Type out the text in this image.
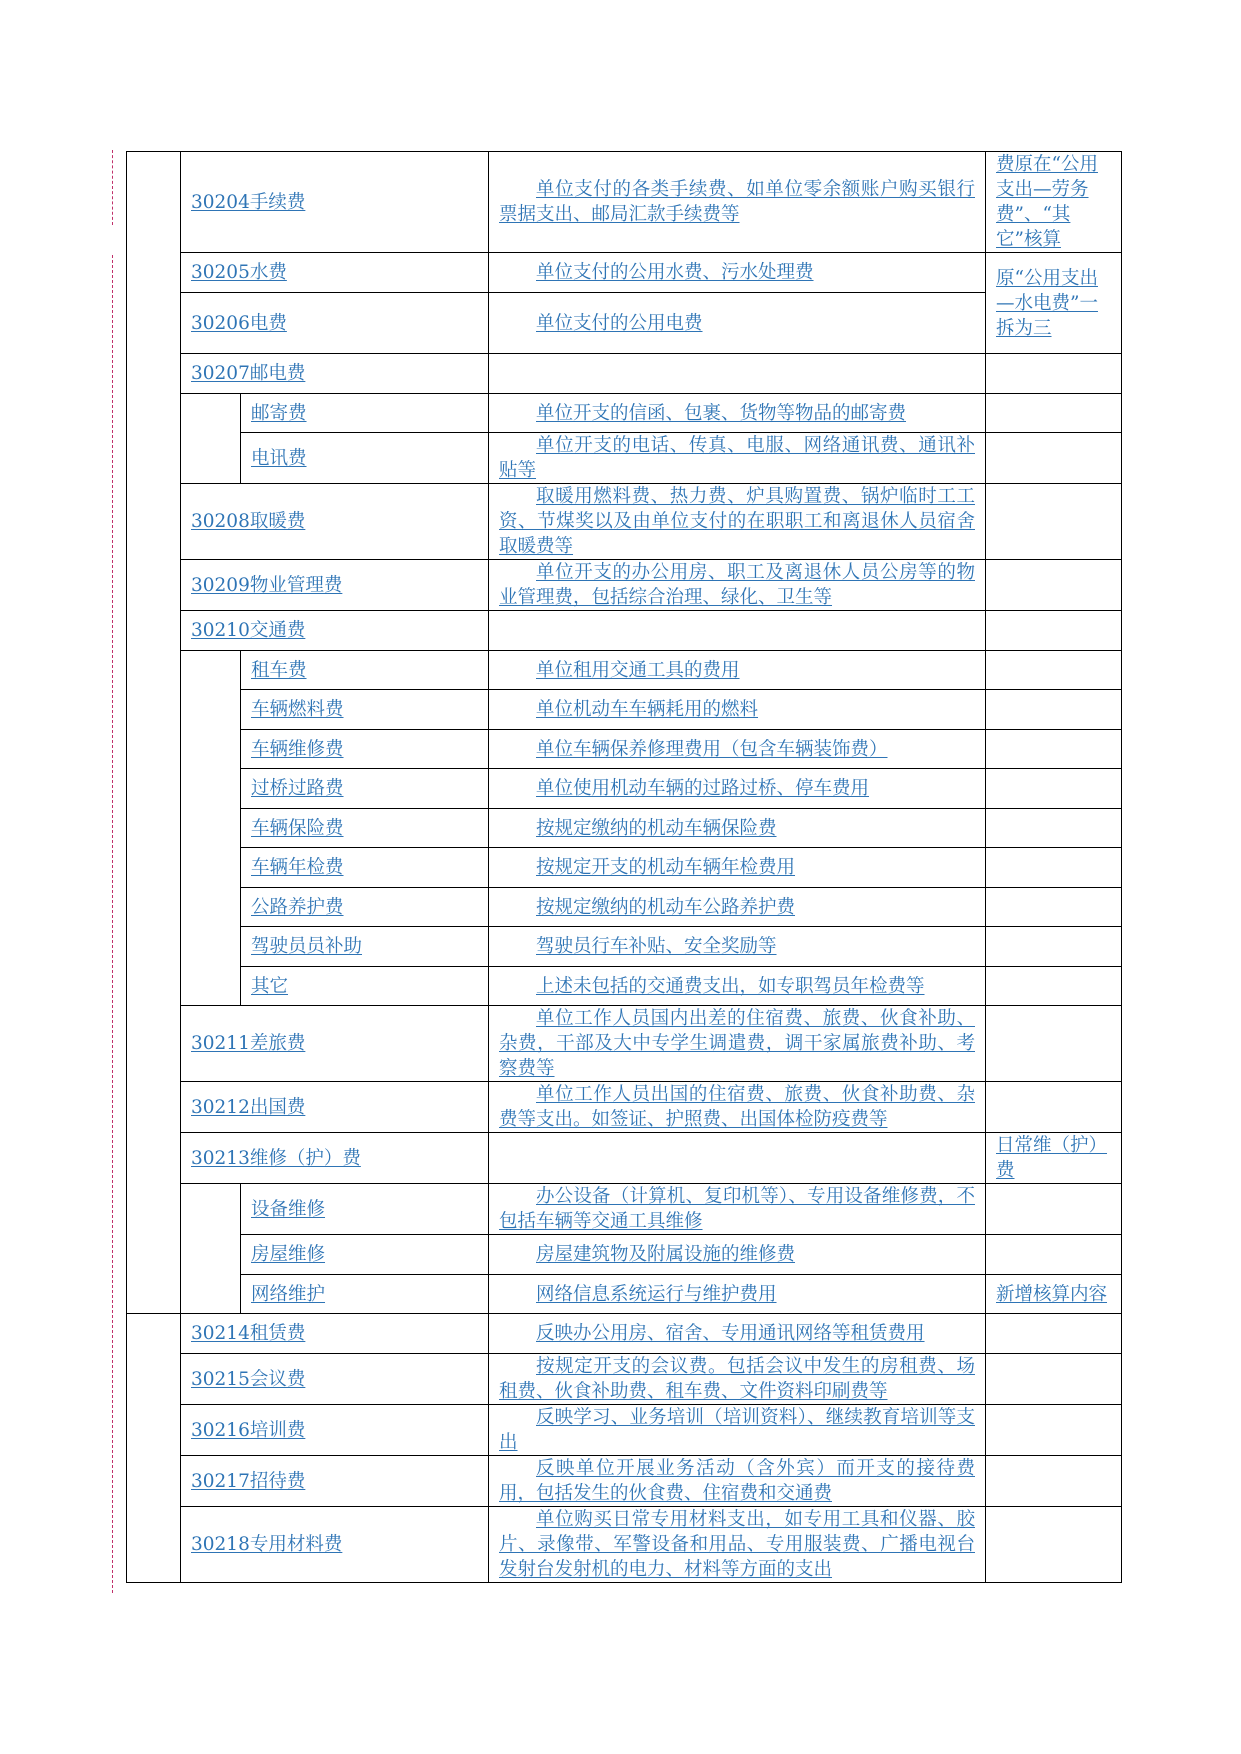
	30204手续费		单位支付的各类手续费、如单位零余额账户购买银行票据支出、邮局汇款手续费等	费原在“公用支出—劳务费”、“其它”核算

	30205水费		单位支付的公用水费、污水处理费	原“公用支出—水电费”一拆为三

	30206电费		单位支付的公用电费	

	30207邮电费			
		邮寄费	单位开支的信函、包裹、货物等物品的邮寄费	

		电讯费	单位开支的电话、传真、电服、网络通讯费、通讯补贴等	

	30208取暖费		取暖用燃料费、热力费、炉具购置费、锅炉临时工工资、节煤奖以及由单位支付的在职职工和离退休人员宿舍取暖费等	

	30209物业管理费		单位开支的办公用房、职工及离退休人员公房等的物业管理费，包括综合治理、绿化、卫生等	

	30210交通费			
		租车费	单位租用交通工具的费用	

		车辆燃料费	单位机动车车辆耗用的燃料	

		车辆维修费	单位车辆保养修理费用（包含车辆装饰费）	

		过桥过路费	单位使用机动车辆的过路过桥、停车费用	

		车辆保险费	按规定缴纳的机动车辆保险费	

		车辆年检费	按规定开支的机动车辆年检费用	

		公路养护费	按规定缴纳的机动车公路养护费	

		驾驶员员补助	驾驶员行车补贴、安全奖励等	

		其它	上述未包括的交通费支出，如专职驾员年检费等	

	30211差旅费		单位工作人员国内出差的住宿费、旅费、伙食补助、杂费，干部及大中专学生调遣费，调干家属旅费补助、考察费等	

	30212出国费		单位工作人员出国的住宿费、旅费、伙食补助费、杂费等支出。如签证、护照费、出国体检防疫费等	

	30213维修（护）费			日常维（护）费

		设备维修	办公设备（计算机、复印机等）、专用设备维修费，不包括车辆等交通工具维修	

		房屋维修	房屋建筑物及附属设施的维修费	

		网络维护	网络信息系统运行与维护费用	新增核算内容

	30214租赁费		反映办公用房、宿舍、专用通讯网络等租赁费用	

	30215会议费		按规定开支的会议费。包括会议中发生的房租费、场租费、伙食补助费、租车费、文件资料印刷费等	

	30216培训费		反映学习、业务培训（培训资料）、继续教育培训等支出	

	30217招待费		反映单位开展业务活动（含外宾）而开支的接待费用，包括发生的伙食费、住宿费和交通费	

	30218专用材料费		单位购买日常专用材料支出，如专用工具和仪器、胶片、录像带、军警设备和用品、专用服装费、广播电视台发射台发射机的电力、材料等方面的支出	
